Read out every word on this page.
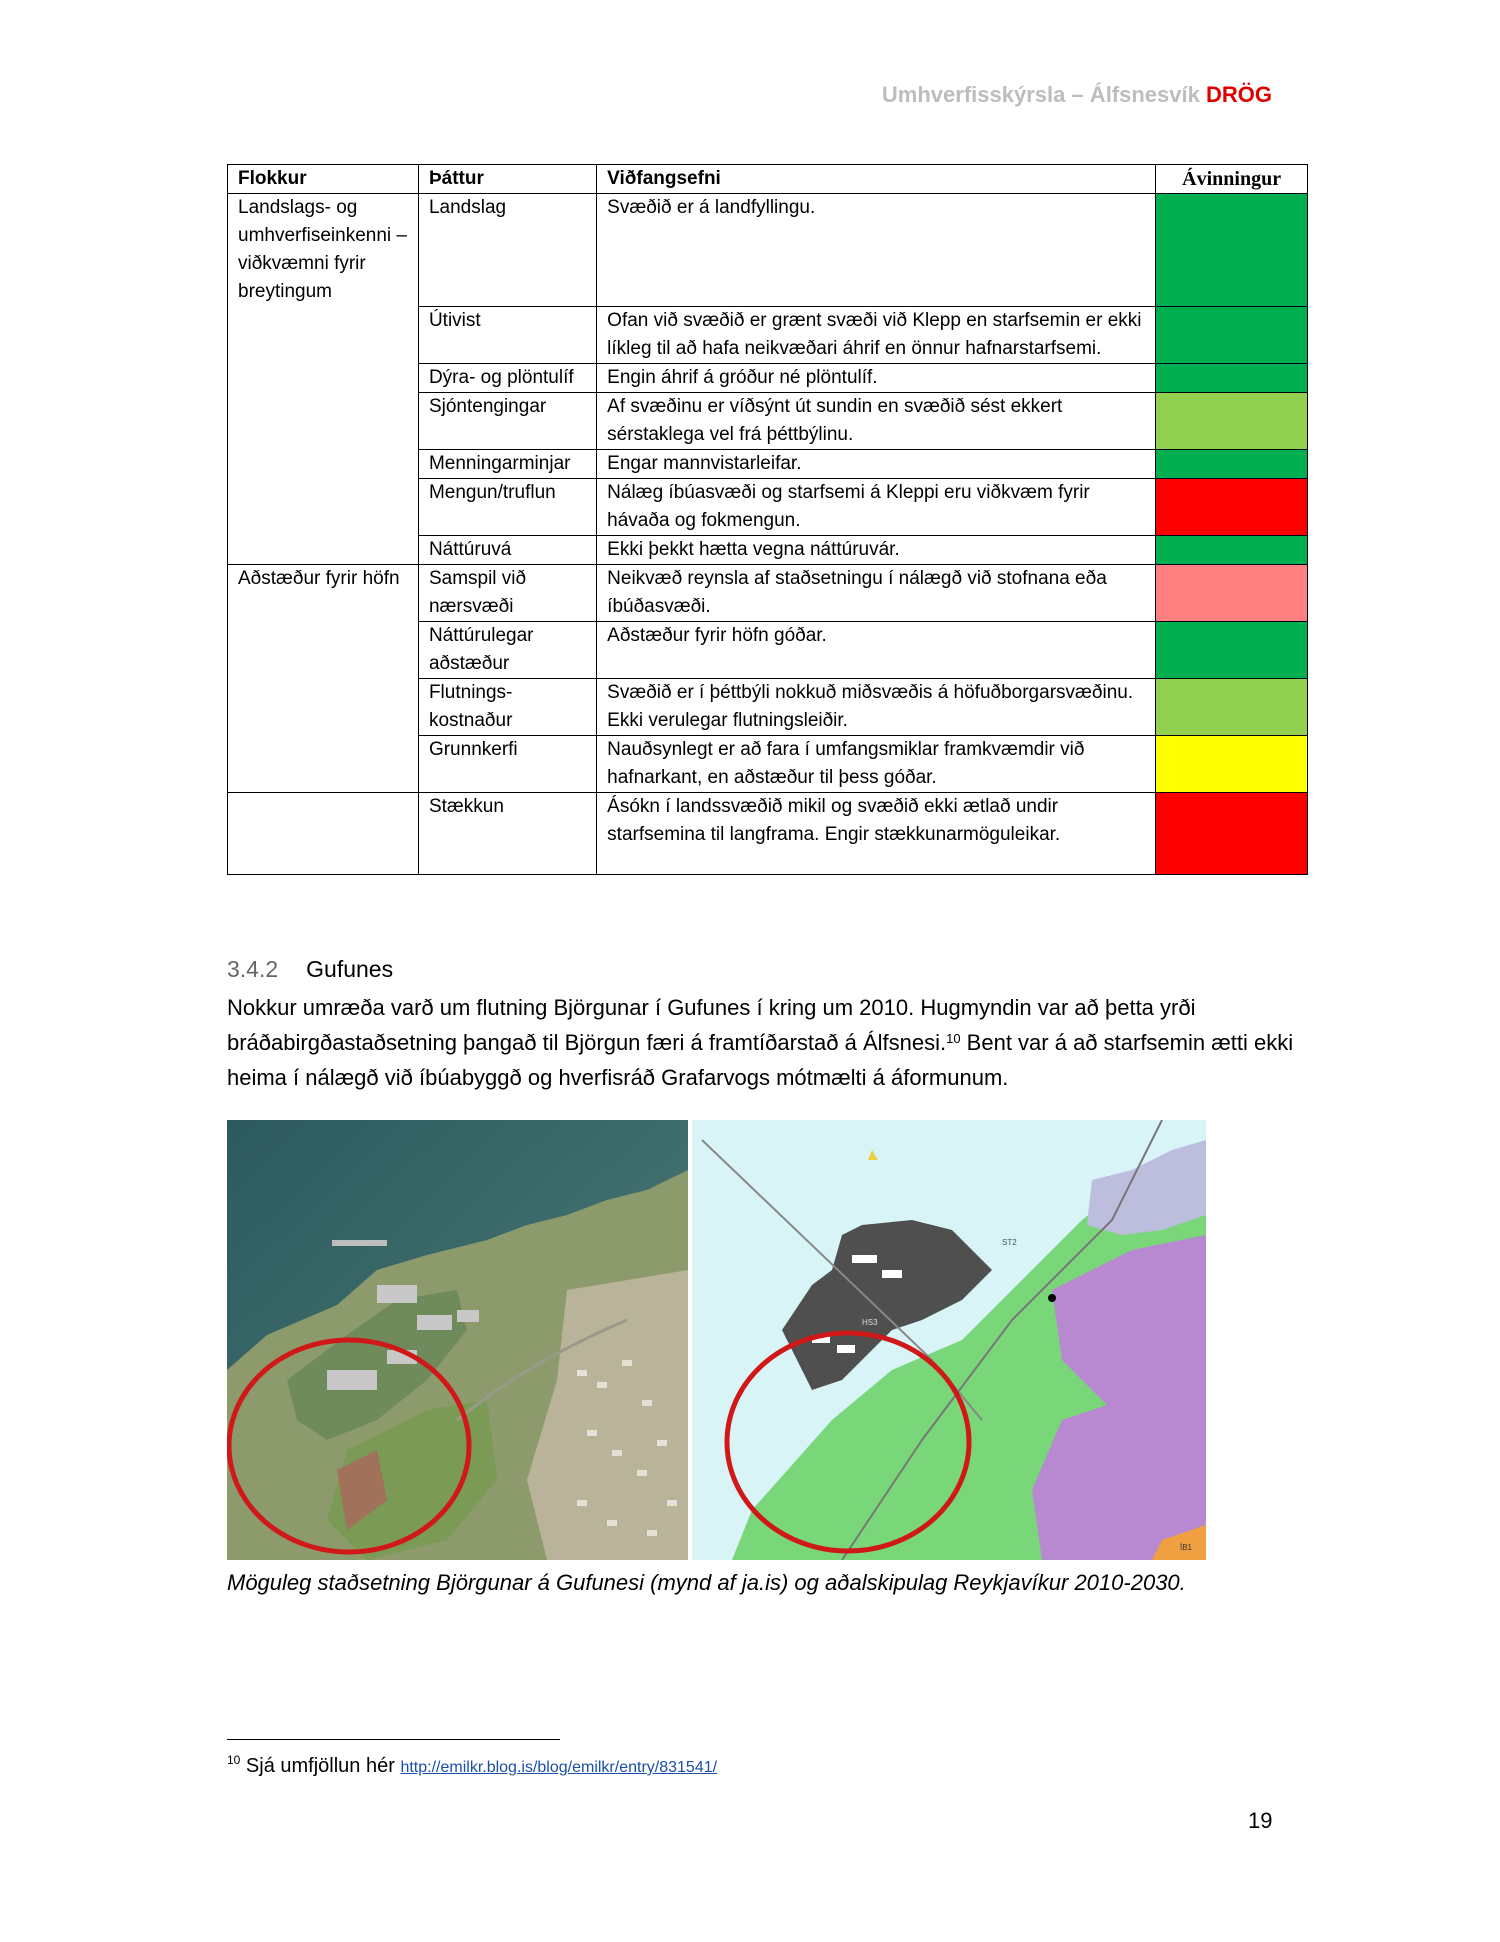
Umhverfisskýrsla – Álfsnesvík DRÖG
Flokkur	Þáttur	Viðfangsefni	Ávinningur
Landslags- og umhverfiseinkenni – viðkvæmni fyrir breytingum	Landslag	Svæðið er á landfyllingu.	
	Útivist	Ofan við svæðið er grænt svæði við Klepp en starfsemin er ekki líkleg til að hafa neikvæðari áhrif en önnur hafnarstarfsemi.	
	Dýra- og plöntulíf	Engin áhrif á gróður né plöntulíf.	
	Sjóntengingar	Af svæðinu er víðsýnt út sundin en svæðið sést ekkert sérstaklega vel frá þéttbýlinu.	
	Menningarminjar	Engar mannvistarleifar.	
	Mengun/truflun	Nálæg íbúasvæði og starfsemi á Kleppi eru viðkvæm fyrir hávaða og fokmengun.	
	Náttúruvá	Ekki þekkt hætta vegna náttúruvár.	
Aðstæður fyrir höfn	Samspil við nærsvæði	Neikvæð reynsla af staðsetningu í nálægð við stofnana eða íbúðasvæði.	
	Náttúrulegar aðstæður	Aðstæður fyrir höfn góðar.	
	Flutnings-kostnaður	Svæðið er í þéttbýli nokkuð miðsvæðis á höfuðborgarsvæðinu. Ekki verulegar flutningsleiðir.	
	Grunnkerfi	Nauðsynlegt er að fara í umfangsmiklar framkvæmdir við hafnarkant, en aðstæður til þess góðar.	
	Stækkun	Ásókn í landssvæðið mikil og svæðið ekki ætlað undir starfsemina til langframa. Engir stækkunarmöguleikar.	
3.4.2 Gufunes
Nokkur umræða varð um flutning Björgunar í Gufunes í kring um 2010. Hugmyndin var að þetta yrði bráðabirgðastaðsetning þangað til Björgun færi á framtíðarstað á Álfsnesi.$^{10}$ Bent var á að starfsemin ætti ekki heima í nálægð við íbúabyggð og hverfisráð Grafarvogs mótmælti á áformunum.
HS3
ST2
ÍB1
Möguleg staðsetning Björgunar á Gufunesi (mynd af ja.is) og aðalskipulag Reykjavíkur 2010-2030.
$^{10}$ Sjá umfjöllun hér http://emilkr.blog.is/blog/emilkr/entry/831541/
19
